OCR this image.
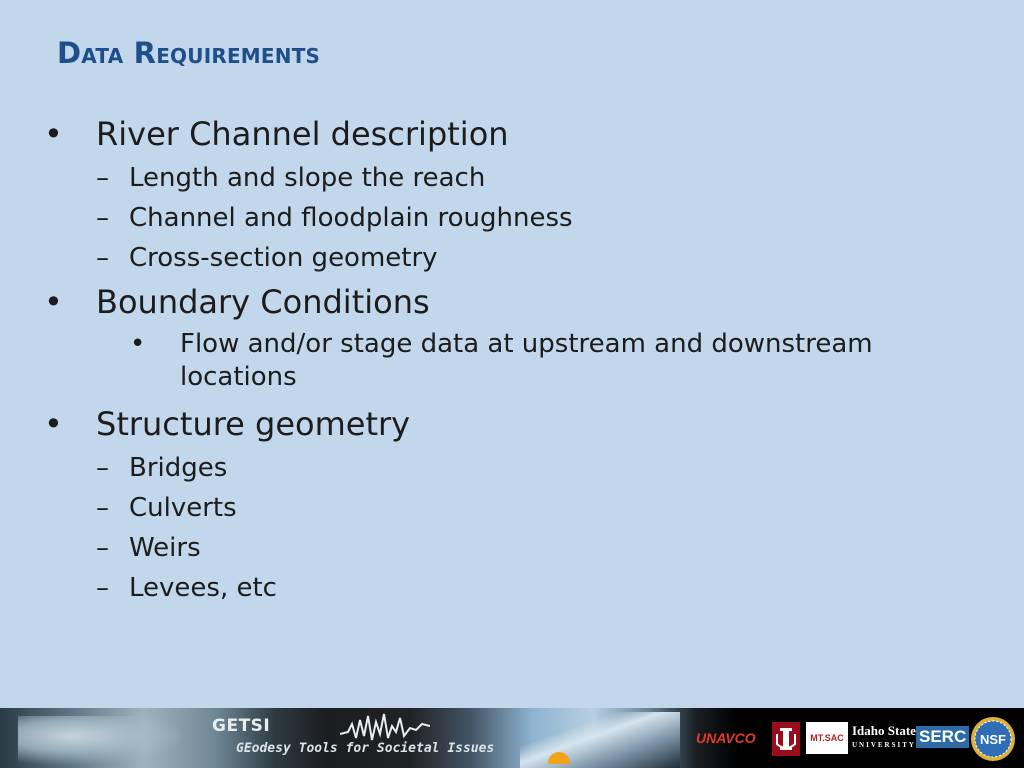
Data Requirements
• River Channel description
– Length and slope the reach
– Channel and floodplain roughness
– Cross-section geometry
• Boundary Conditions
• Flow and/or stage data at upstream and downstream locations
• Structure geometry
– Bridges
– Culverts
– Weirs
– Levees, etc
GETSI
GEodesy Tools for Societal Issues
UNAVCO	MT.SAC Idaho State
UNIVERSITY SERC NSF
